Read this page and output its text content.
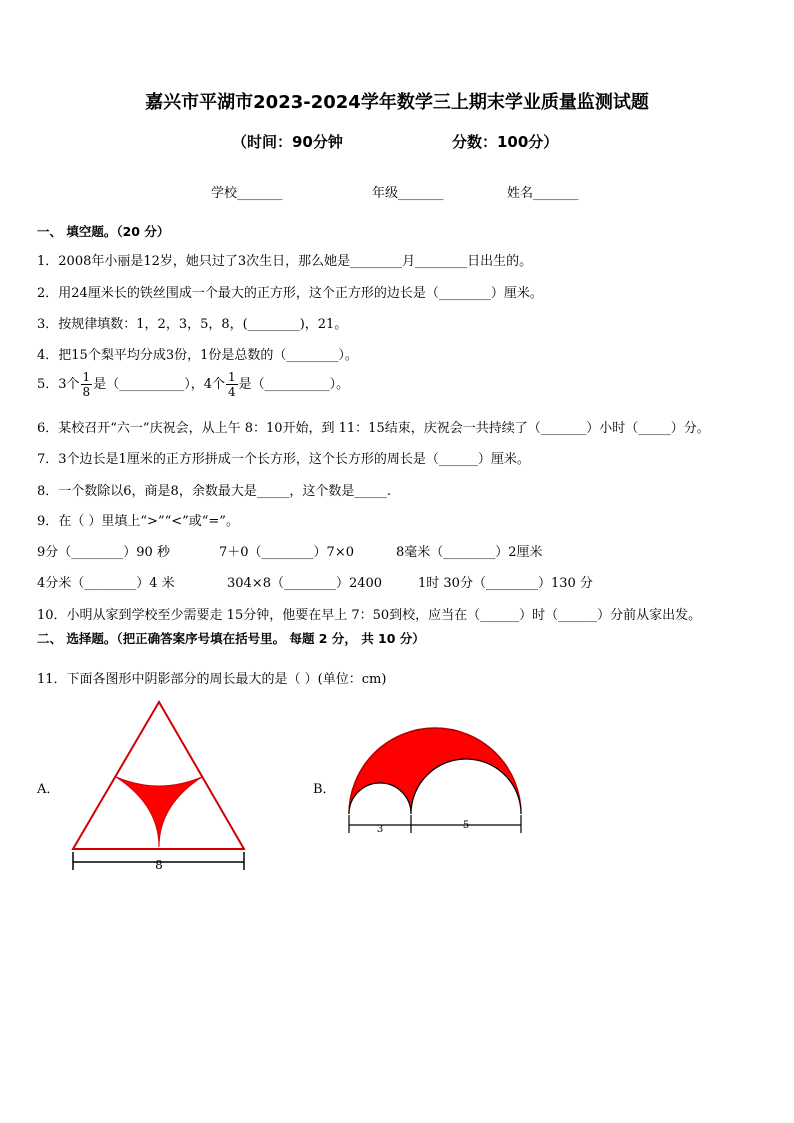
嘉兴市平湖市2023-2024学年数学三上期末学业质量监测试题
（时间：90分钟	分数：100分）
学校_______	年级_______	姓名_______
一、 填空题。（20 分）
1．2008年小丽是12岁，她只过了3次生日，那么她是________月________日出生的。
2．用24厘米长的铁丝围成一个最大的正方形，这个正方形的边长是（________）厘米。
3．按规律填数：1，2，3，5，8，(________)，21。
4．把15个梨平均分成3份，1份是总数的（________）。
5．3个 $\frac{1}{8}$ 是（__________），4个 $\frac{1}{4}$ 是（__________）。
6．某校召开“六一”庆祝会，从上午 8：10开始，到 11：15结束，庆祝会一共持续了（_______）小时（_____）分。
7．3个边长是1厘米的正方形拼成一个长方形，这个长方形的周长是（______）厘米。
8．一个数除以6，商是8，余数最大是_____，这个数是_____.
9．在（ ）里填上“>”“<”或“=”。
9分（________）90 秒	7＋0（________）7×0	8毫米（________）2厘米
4分米（________）4 米	304×8（________）2400	1时 30分（________）130 分
10．小明从家到学校至少需要走 15分钟，他要在早上 7：50到校，应当在（______）时（______）分前从家出发。
二、 选择题。（把正确答案序号填在括号里。 每题 2 分， 共 10 分）
11．下面各图形中阴影部分的周长最大的是（ ）(单位：cm)
A．
8
B．
3	5
